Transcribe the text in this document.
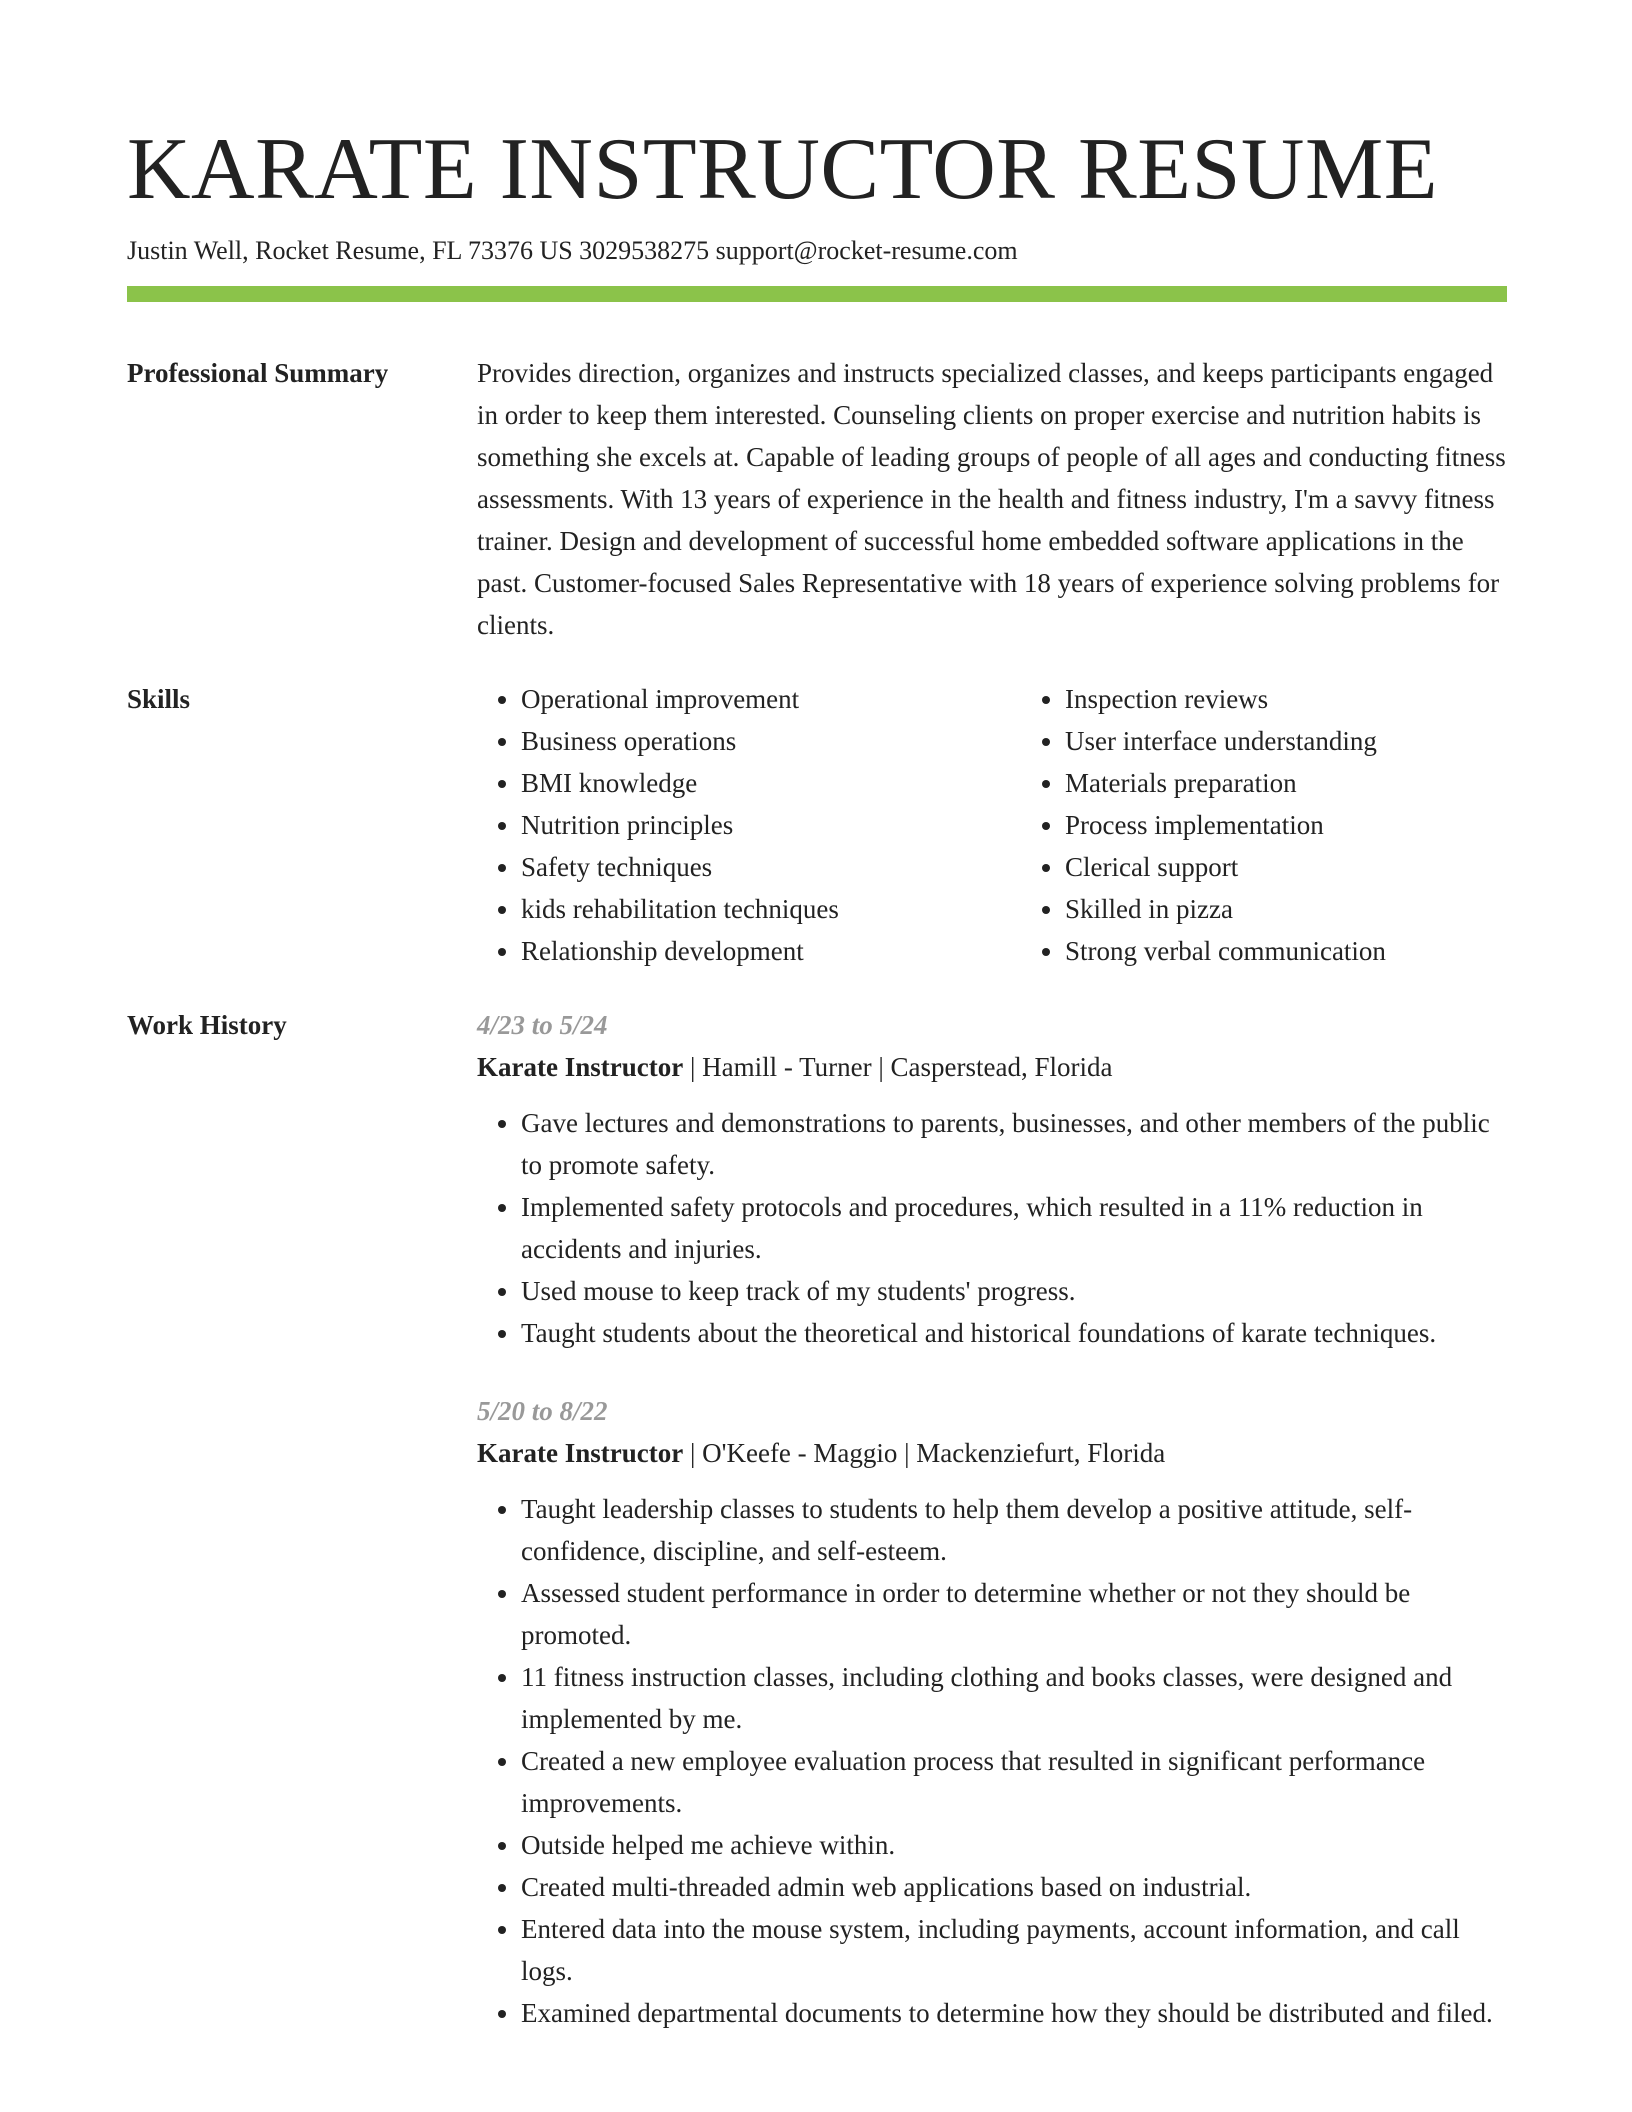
KARATE INSTRUCTOR RESUME
Justin Well, Rocket Resume, FL 73376 US 3029538275 support@rocket-resume.com
Professional Summary	Provides direction, organizes and instructs specialized classes, and keeps participants engaged in order to keep them interested. Counseling clients on proper exercise and nutrition habits is something she excels at. Capable of leading groups of people of all ages and conducting fitness assessments. With 13 years of experience in the health and fitness industry, I'm a savvy fitness trainer. Design and development of successful home embedded software applications in the past. Customer-focused Sales Representative with 18 years of experience solving problems for clients.

Skills
•	Operational improvement
• Business operations
• BMI knowledge
• Nutrition principles
• Safety techniques
• kids rehabilitation techniques
• Relationship development
• Inspection reviews
• User interface understanding
• Materials preparation
• Process implementation
• Clerical support
• Skilled in pizza
• Strong verbal communication
Work History	4/23 to 5/24
Karate Instructor | Hamill - Turner | Casperstead, Florida
• Gave lectures and demonstrations to parents, businesses, and other members of the public to promote safety.
• Implemented safety protocols and procedures, which resulted in a 11% reduction in accidents and injuries.
• Used mouse to keep track of my students' progress.
• Taught students about the theoretical and historical foundations of karate techniques.
5/20 to 8/22
Karate Instructor | O'Keefe - Maggio | Mackenziefurt, Florida
• Taught leadership classes to students to help them develop a positive attitude, self-confidence, discipline, and self-esteem.
• Assessed student performance in order to determine whether or not they should be promoted.
• 11 fitness instruction classes, including clothing and books classes, were designed and implemented by me.
• Created a new employee evaluation process that resulted in significant performance improvements.
• Outside helped me achieve within.
• Created multi-threaded admin web applications based on industrial.
• Entered data into the mouse system, including payments, account information, and call logs.
• Examined departmental documents to determine how they should be distributed and filed.
